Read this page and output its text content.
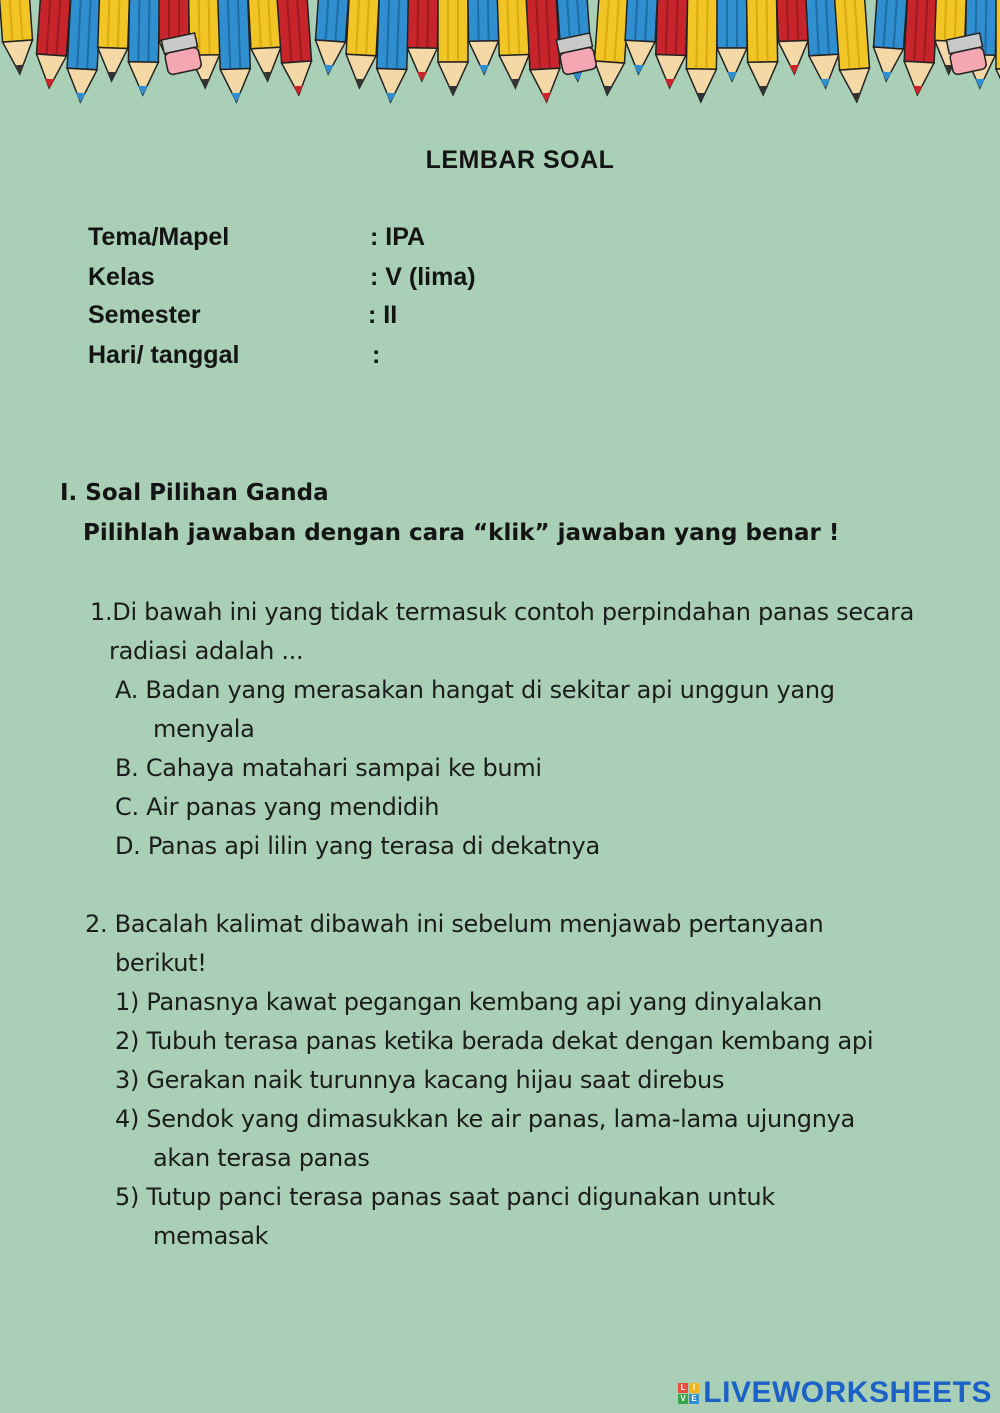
LEMBAR SOAL
Tema/Mapel	: IPA
Kelas	: V (lima)
Semester	: II
Hari/ tanggal	:
I. Soal Pilihan Ganda
Pilihlah jawaban dengan cara “klik” jawaban yang benar !
1.Di bawah ini yang tidak termasuk contoh perpindahan panas secara
radiasi adalah ...
A. Badan yang merasakan hangat di sekitar api unggun yang
menyala
B. Cahaya matahari sampai ke bumi
C. Air panas yang mendidih
D. Panas api lilin yang terasa di dekatnya
2. Bacalah kalimat dibawah ini sebelum menjawab pertanyaan
berikut!
1) Panasnya kawat pegangan kembang api yang dinyalakan
2) Tubuh terasa panas ketika berada dekat dengan kembang api
3) Gerakan naik turunnya kacang hijau saat direbus
4) Sendok yang dimasukkan ke air panas, lama-lama ujungnya
akan terasa panas
5) Tutup panci terasa panas saat panci digunakan untuk
memasak
L I
V E LIVEWORKSHEETS
